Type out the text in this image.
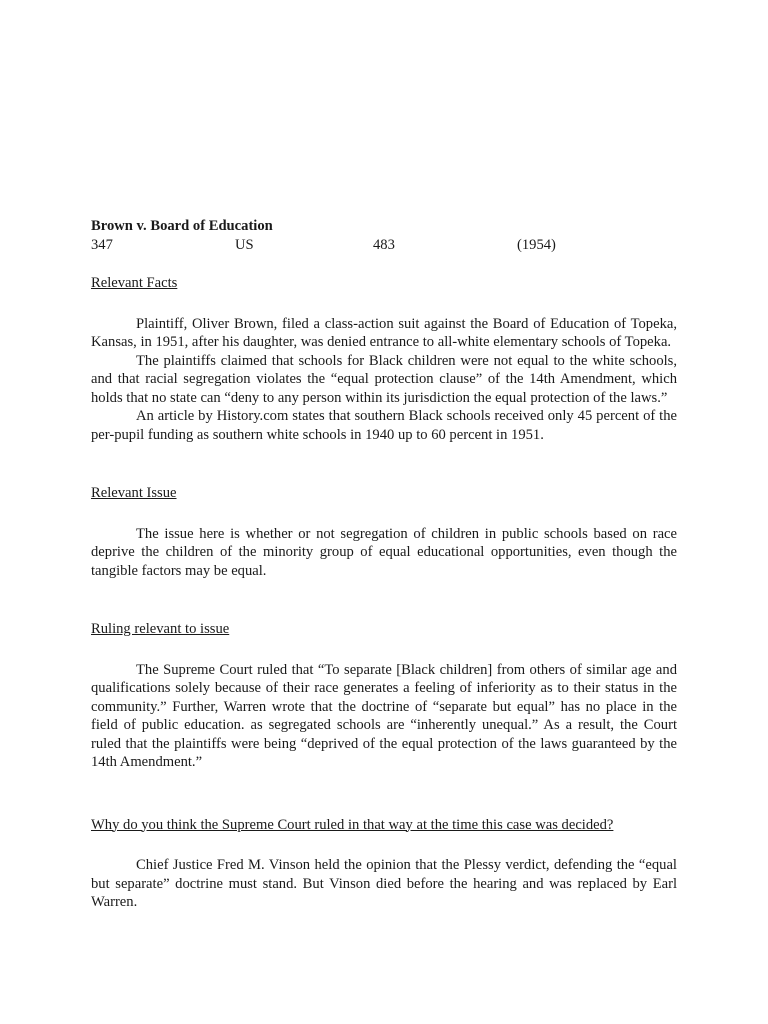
Brown v. Board of Education
347	US	483	(1954)
Relevant Facts

Plaintiff, Oliver Brown, filed a class-action suit against the Board of Education of Topeka, Kansas, in 1951, after his daughter, was denied entrance to all-white elementary schools of Topeka.

The plaintiffs claimed that schools for Black children were not equal to the white schools, and that racial segregation violates the “equal protection clause” of the 14th Amendment, which holds that no state can “deny to any person within its jurisdiction the equal protection of the laws.”

An article by History.com states that southern Black schools received only 45 percent of the per-pupil funding as southern white schools in 1940 up to 60 percent in 1951.

Relevant Issue

The issue here is whether or not segregation of children in public schools based on race deprive the children of the minority group of equal educational opportunities, even though the tangible factors may be equal.

Ruling relevant to issue

The Supreme Court ruled that “To separate [Black children] from others of similar age and qualifications solely because of their race generates a feeling of inferiority as to their status in the community.” Further, Warren wrote that the doctrine of “separate but equal” has no place in the field of public education. as segregated schools are “inherently unequal.” As a result, the Court ruled that the plaintiffs were being “deprived of the equal protection of the laws guaranteed by the 14th Amendment.”

Why do you think the Supreme Court ruled in that way at the time this case was decided?

Chief Justice Fred M. Vinson held the opinion that the Plessy verdict, defending the “equal but separate” doctrine must stand. But Vinson died before the hearing and was replaced by Earl Warren.
